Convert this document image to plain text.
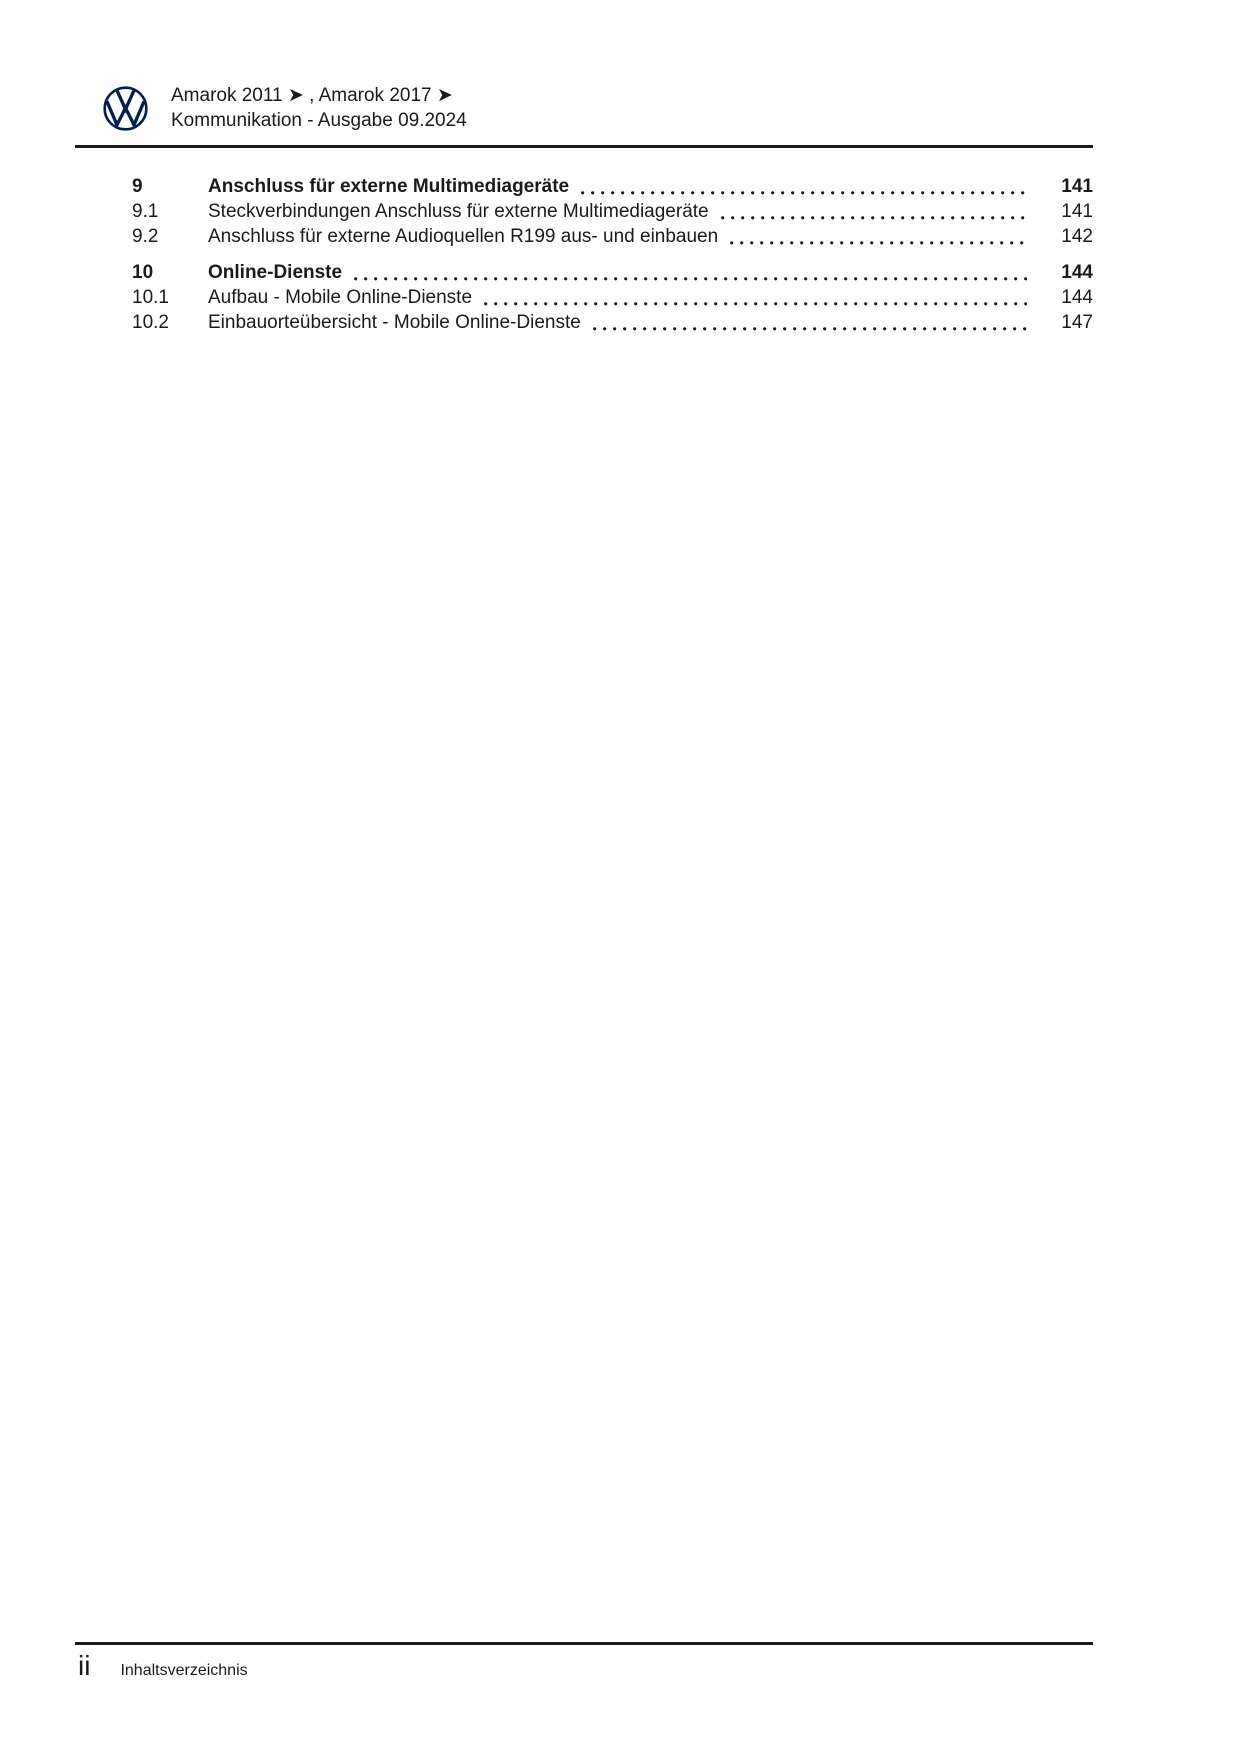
Amarok 2011 ➤ , Amarok 2017 ➤
Kommunikation - Ausgabe 09.2024
9	Anschluss für externe Multimediageräte	141
9.1	Steckverbindungen Anschluss für externe Multimediageräte	141
9.2	Anschluss für externe Audioquellen R199 aus- und einbauen	142
10	Online-Dienste	144
10.1	Aufbau - Mobile Online-Dienste	144
10.2	Einbauorteübersicht - Mobile Online-Dienste	147
ii Inhaltsverzeichnis
